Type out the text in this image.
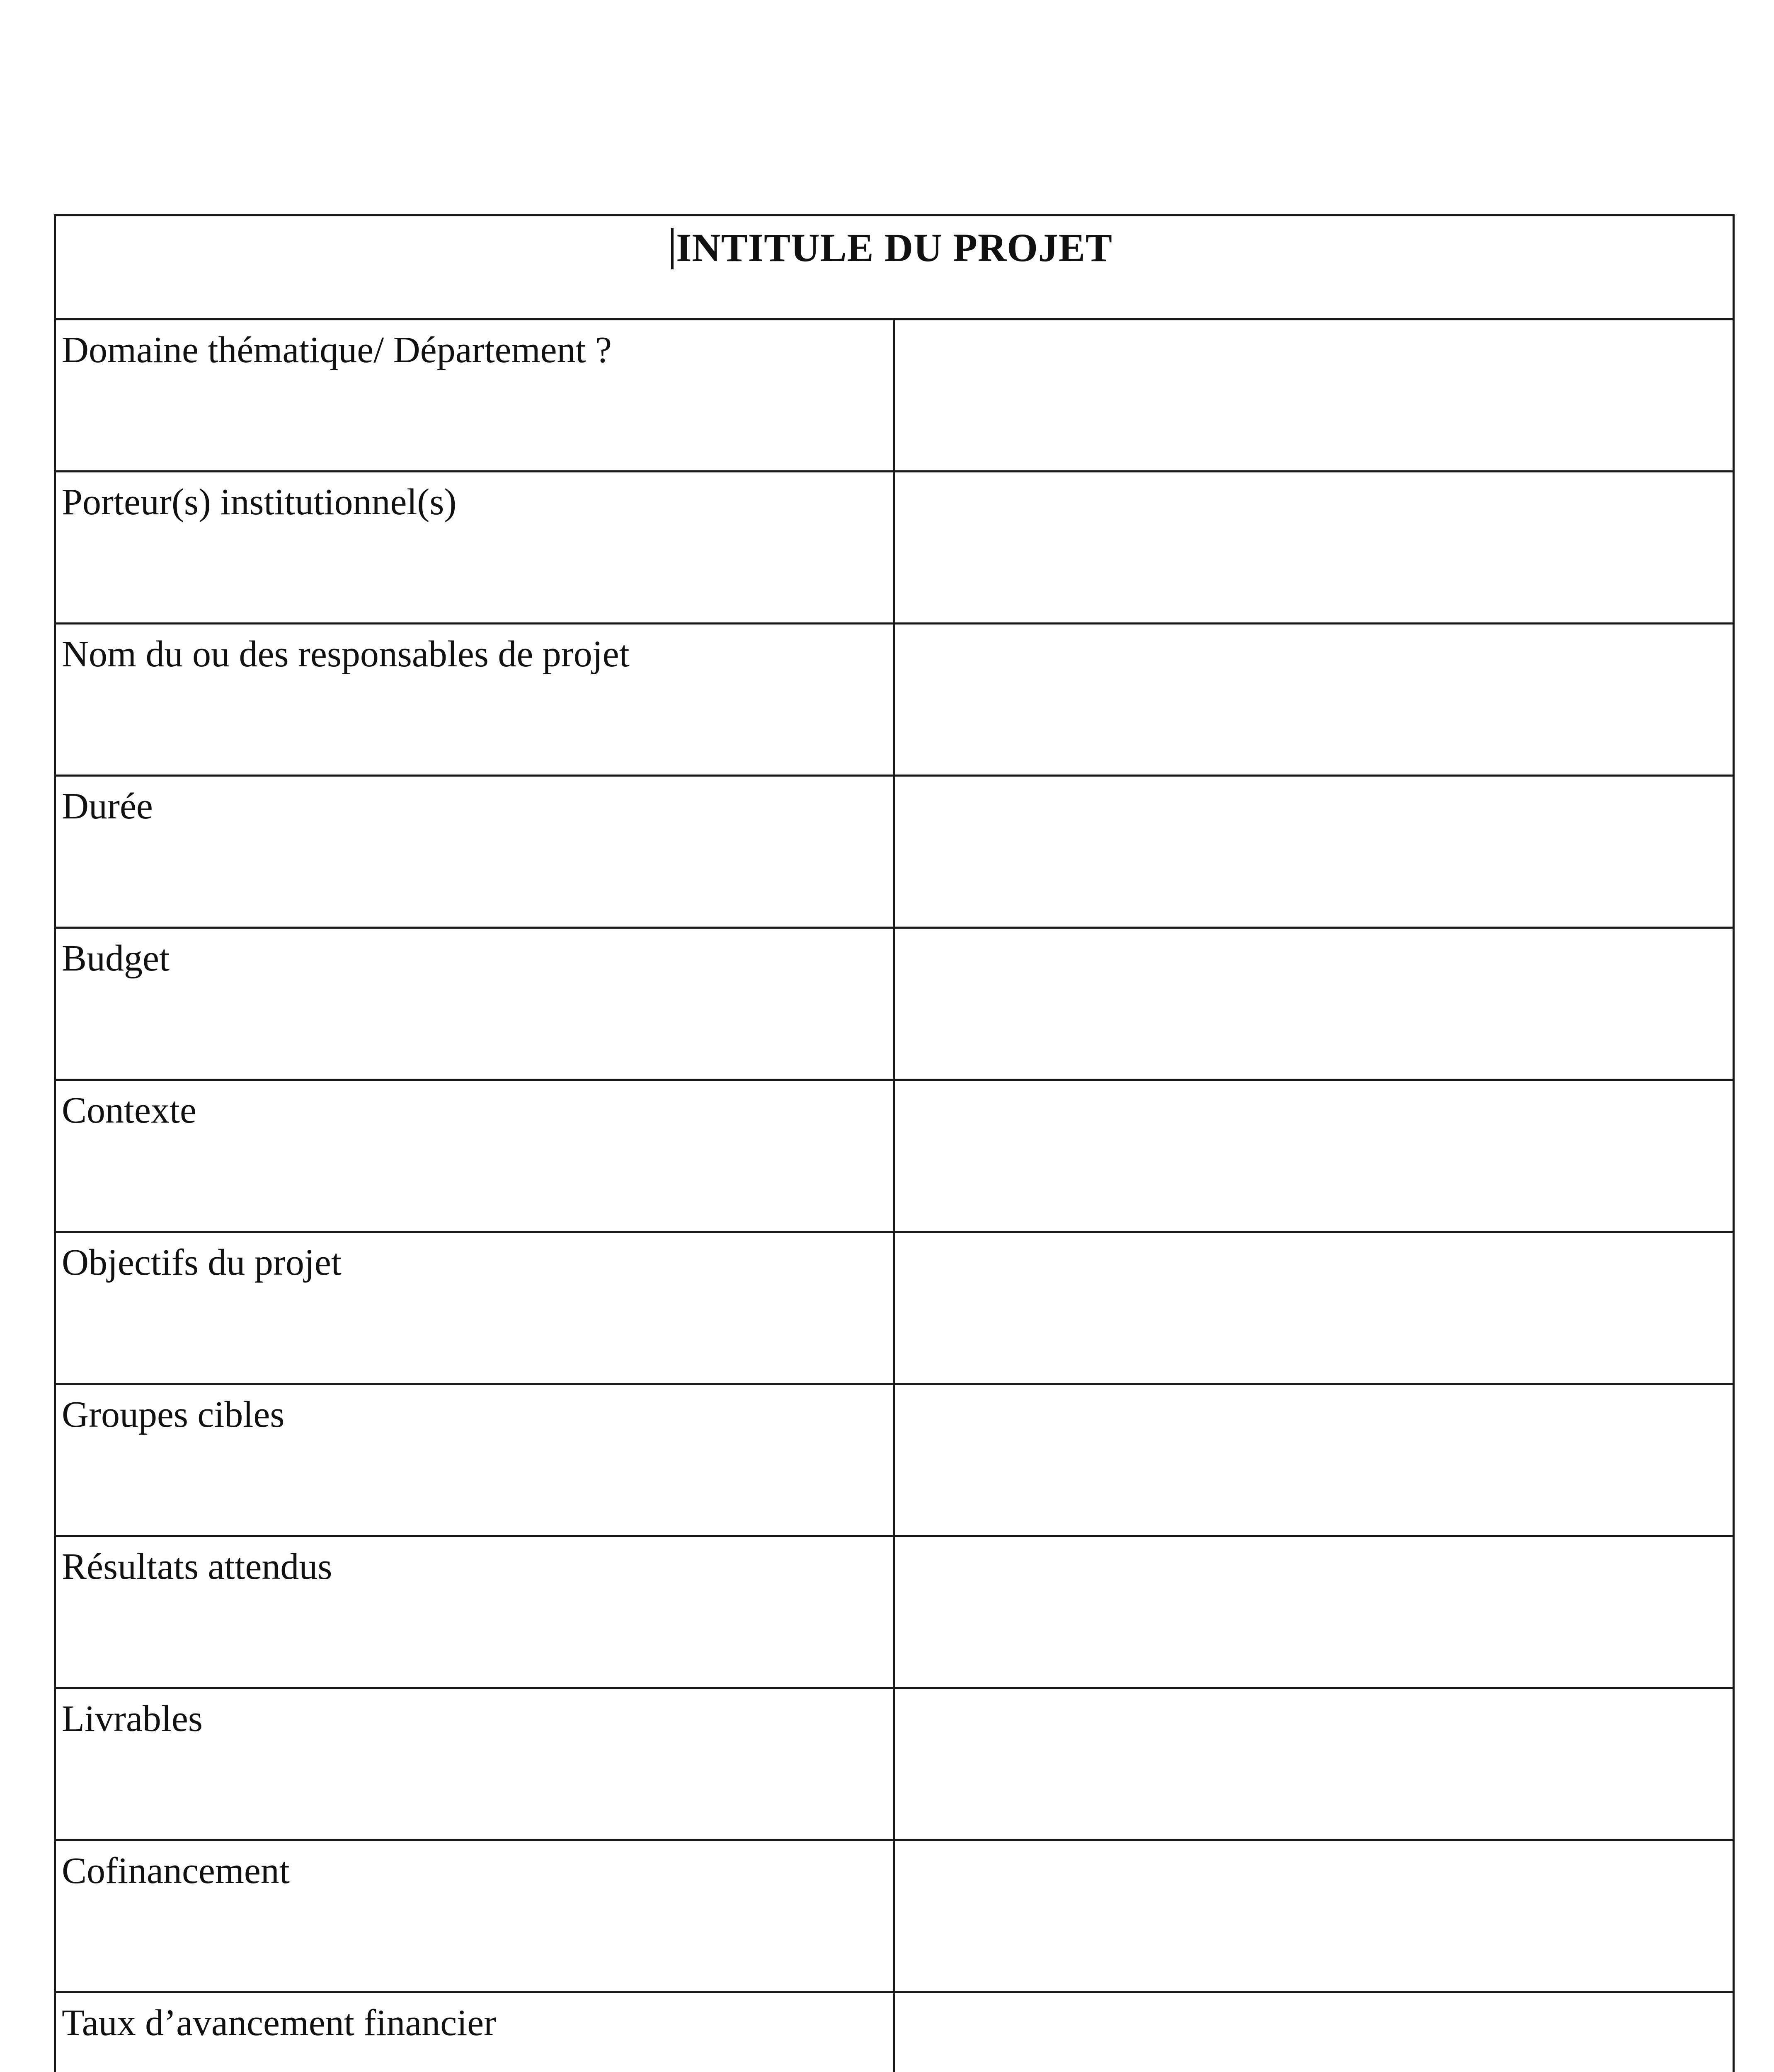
INTITULE DU PROJET	

Domaine thématique/ Département ?	

Porteur(s) institutionnel(s)	

Nom du ou des responsables de projet	

Durée	

Budget	

Contexte	

Objectifs du projet	

Groupes cibles	

Résultats attendus	

Livrables	

Cofinancement	

Taux d’avancement financier	
